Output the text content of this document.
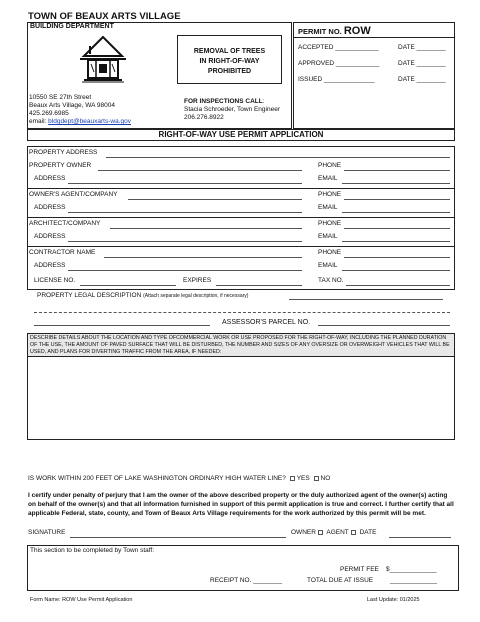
TOWN OF BEAUX ARTS VILLAGE
BUILDING DEPARTMENT
REMOVAL OF TREES
IN RIGHT-OF-WAY
PROHIBITED
10550 SE 27th Street
Beaux Arts Village, WA 98004
425.269.6985
email: bldgdept@beauxarts-wa.gov
FOR INSPECTIONS CALL:
Stacia Schroeder, Town Engineer
206.276.8922
PERMIT NO. ROW
ACCEPTED ____________	DATE ________
APPROVED ____________	DATE ________
ISSUED ______________	DATE ________
RIGHT-OF-WAY USE PERMIT APPLICATION
PROPERTY ADDRESS
PROPERTY OWNER	PHONE
ADDRESS	EMAIL
OWNER'S AGENT/COMPANY	PHONE
ADDRESS	EMAIL
ARCHITECT/COMPANY	PHONE
ADDRESS	EMAIL
CONTRACTOR NAME	PHONE
ADDRESS	EMAIL
LICENSE NO.	EXPIRES	TAX NO.
PROPERTY LEGAL DESCRIPTION (Attach separate legal description, if necessary)
ASSESSOR'S PARCEL NO.
DESCRIBE DETAILS ABOUT THE LOCATION AND TYPE OFCOMMERCIAL WORK OR USE PROPOSED FOR THE RIGHT-OF-WAY, INCLUDING THE PLANNED DURATION OF THE USE, THE AMOUNT OF PAVED SURFACE THAT WILL BE DISTURBED, THE NUMBER AND SIZES OF ANY OVERSIZE OR OVERWEIGHT VEHICLES THAT WILL BE USED, AND PLANS FOR DIVERTING TRAFFIC FROM THE AREA, IF NEEDED:
IS WORK WITHIN 200 FEET OF LAKE WASHINGTON ORDINARY HIGH WATER LINE? YES NO
I certify under penalty of perjury that I am the owner of the above described property or the duly authorized agent of the owner(s) acting on behalf of the owner(s) and that all information furnished in support of this permit application is true and correct. I further certify that all applicable Federal, state, county, and Town of Beaux Arts Village requirements for the work authorized by this permit will be met.
SIGNATURE	OWNER AGENT DATE
This section to be completed by Town staff:
PERMIT FEE $_____________
RECEIPT NO. ________	TOTAL DUE AT ISSUE	_____________
Form Name: ROW Use Permit Application	Last Update: 01/2025
